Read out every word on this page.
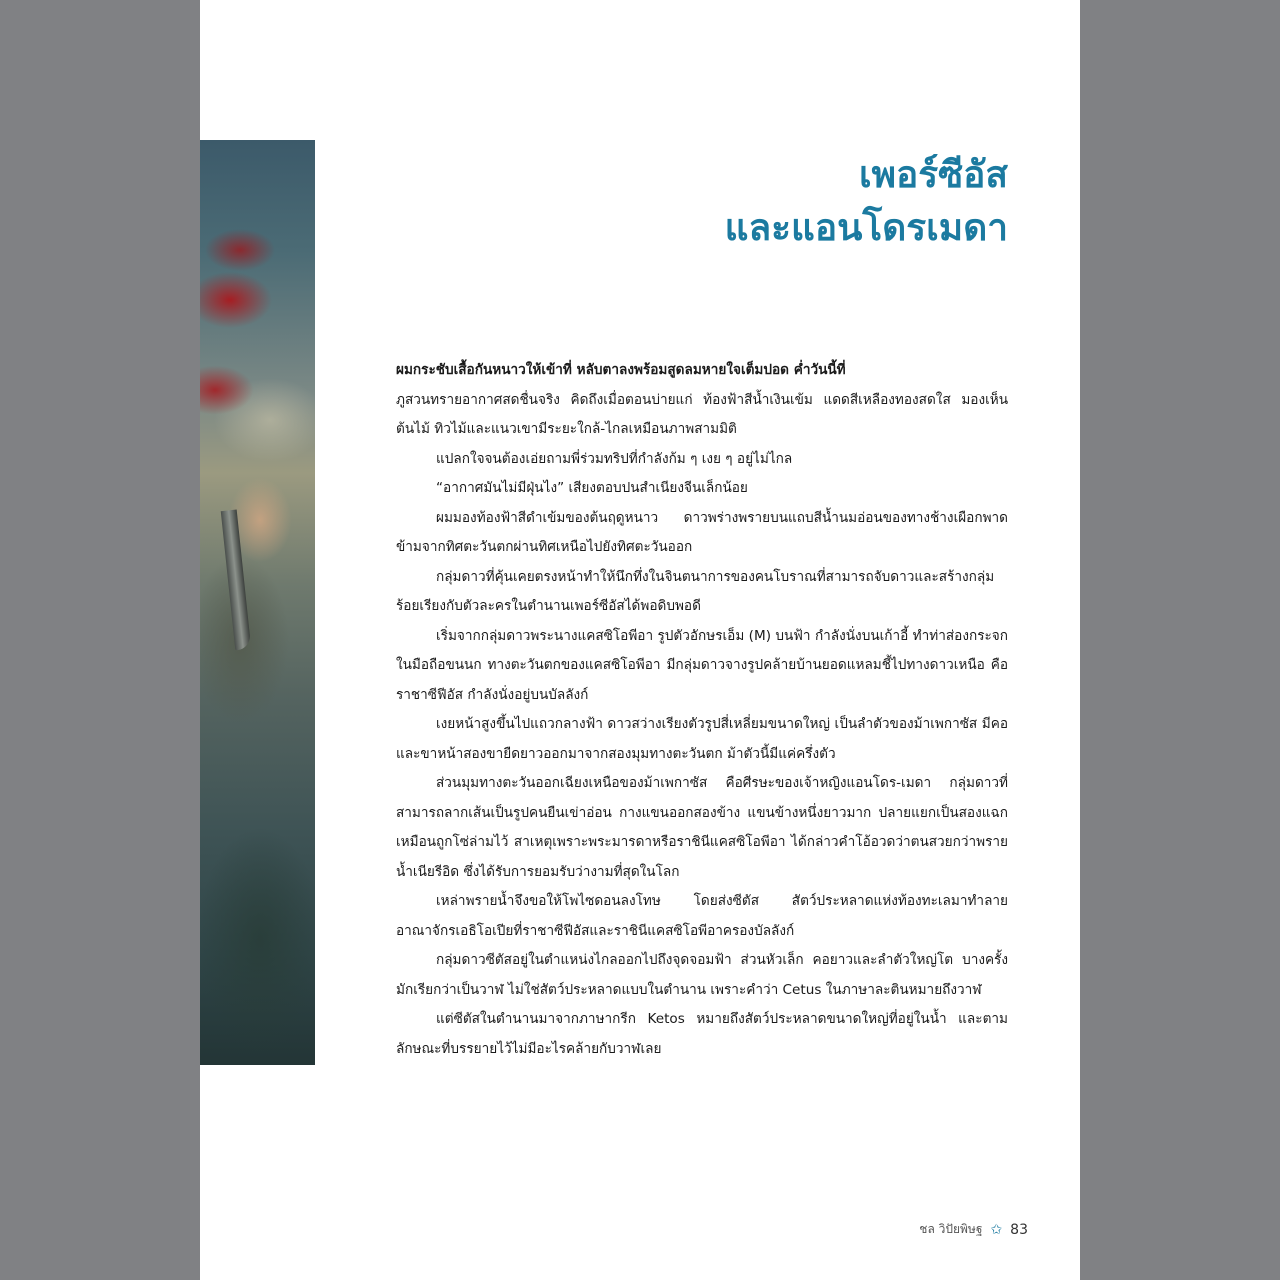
เพอร์ซีอัส
และแอนโดรเมดา

ผมกระชับเสื้อกันหนาวให้เข้าที่ หลับตาลงพร้อมสูดลมหายใจเต็มปอด ค่ำวันนี้ที่
ภูสวนทรายอากาศสดชื่นจริง คิดถึงเมื่อตอนบ่ายแก่ ท้องฟ้าสีน้ำเงินเข้ม แดดสีเหลืองทองสดใส มองเห็นต้นไม้ ทิวไม้และแนวเขามีระยะใกล้-ไกลเหมือนภาพสามมิติ

แปลกใจจนต้องเอ่ยถามพี่ร่วมทริปที่กำลังก้ม ๆ เงย ๆ อยู่ไม่ไกล

“อากาศมันไม่มีฝุ่นไง” เสียงตอบปนสำเนียงจีนเล็กน้อย

ผมมองท้องฟ้าสีดำเข้มของต้นฤดูหนาว ดาวพร่างพรายบนแถบสีน้ำนมอ่อนของทางช้างเผือกพาดข้ามจากทิศตะวันตกผ่านทิศเหนือไปยังทิศตะวันออก

กลุ่มดาวที่คุ้นเคยตรงหน้าทำให้นึกทึ่งในจินตนาการของคนโบราณที่สามารถจับดาวและสร้างกลุ่มร้อยเรียงกับตัวละครในตำนานเพอร์ซีอัสได้พอดิบพอดี

เริ่มจากกลุ่มดาวพระนางแคสซิโอพีอา รูปตัวอักษรเอ็ม (M) บนฟ้า กำลังนั่งบนเก้าอี้ ทำท่าส่องกระจก ในมือถือขนนก ทางตะวันตกของแคสซิโอพีอา มีกลุ่มดาวจางรูปคล้ายบ้านยอดแหลมชี้ไปทางดาวเหนือ คือราชาซีฟีอัส กำลังนั่งอยู่บนบัลลังก์

เงยหน้าสูงขึ้นไปแถวกลางฟ้า ดาวสว่างเรียงตัวรูปสี่เหลี่ยมขนาดใหญ่ เป็นลำตัวของม้าเพกาซัส มีคอและขาหน้าสองขายืดยาวออกมาจากสองมุมทางตะวันตก ม้าตัวนี้มีแค่ครึ่งตัว

ส่วนมุมทางตะวันออกเฉียงเหนือของม้าเพกาซัส คือศีรษะของเจ้าหญิงแอนโดร-เมดา กลุ่มดาวที่สามารถลากเส้นเป็นรูปคนยืนเข่าอ่อน กางแขนออกสองข้าง แขนข้างหนึ่งยาวมาก ปลายแยกเป็นสองแฉกเหมือนถูกโซ่ล่ามไว้ สาเหตุเพราะพระมารดาหรือราชินีแคสซิโอพีอา ได้กล่าวคำโอ้อวดว่าตนสวยกว่าพรายน้ำเนียรีอิด ซึ่งได้รับการยอมรับว่างามที่สุดในโลก

เหล่าพรายน้ำจึงขอให้โพไซดอนลงโทษ โดยส่งซีตัส สัตว์ประหลาดแห่งท้องทะเลมาทำลายอาณาจักรเอธิโอเปียที่ราชาซีฟีอัสและราชินีแคสซิโอพีอาครองบัลลังก์

กลุ่มดาวซีตัสอยู่ในตำแหน่งไกลออกไปถึงจุดจอมฟ้า ส่วนหัวเล็ก คอยาวและลำตัวใหญ่โต บางครั้งมักเรียกว่าเป็นวาฬ ไม่ใช่สัตว์ประหลาดแบบในตำนาน เพราะคำว่า Cetus ในภาษาละตินหมายถึงวาฬ

แต่ซีตัสในตำนานมาจากภาษากรีก Ketos หมายถึงสัตว์ประหลาดขนาดใหญ่ที่อยู่ในน้ำ และตามลักษณะที่บรรยายไว้ไม่มีอะไรคล้ายกับวาฬเลย

ชล วิปัยพิษฐ ✩ 83
